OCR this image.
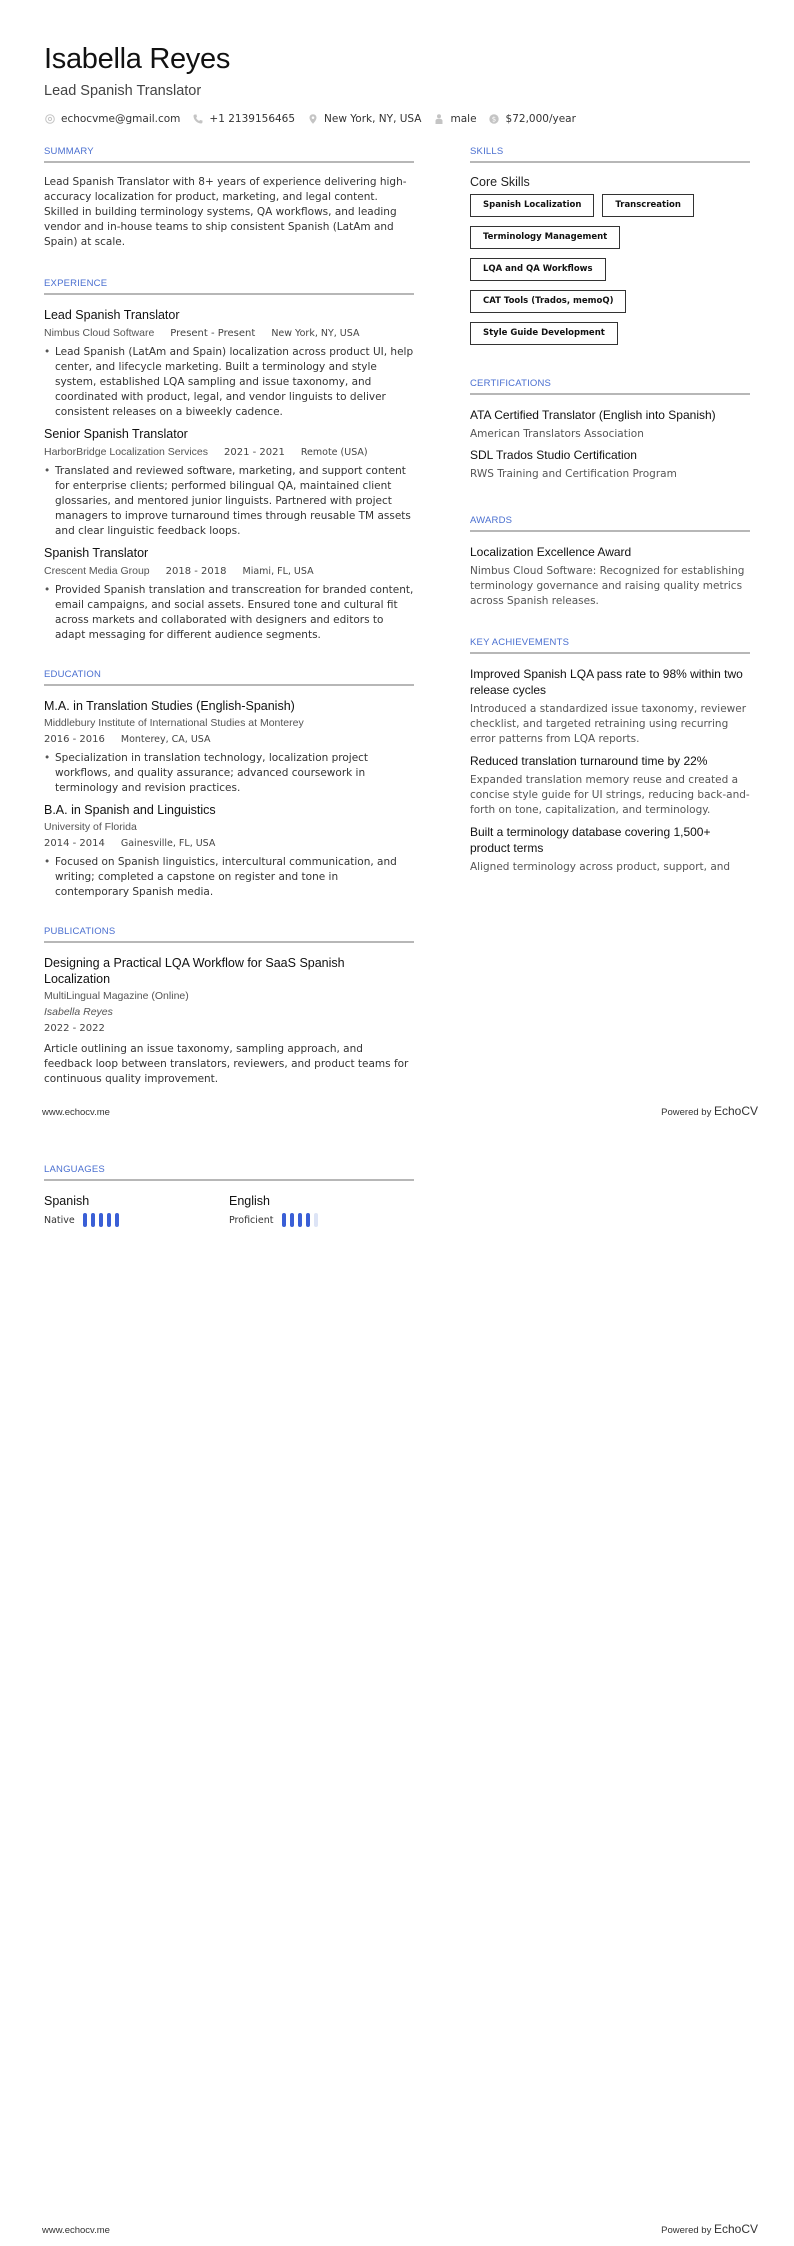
Isabella Reyes
Lead Spanish Translator
echocvme@gmail.com	+1 2139156465	New York, NY, USA	male $ $72,000/year
SUMMARY

Lead Spanish Translator with 8+ years of experience delivering high-accuracy localization for product, marketing, and legal content. Skilled in building terminology systems, QA workflows, and leading vendor and in-house teams to ship consistent Spanish (LatAm and Spain) at scale.

EXPERIENCE
Lead Spanish Translator
Nimbus Cloud Software Present - Present New York, NY, USA
• Lead Spanish (LatAm and Spain) localization across product UI, help center, and lifecycle marketing. Built a terminology and style system, established LQA sampling and issue taxonomy, and coordinated with product, legal, and vendor linguists to deliver consistent releases on a biweekly cadence.
Senior Spanish Translator
HarborBridge Localization Services 2021 - 2021 Remote (USA)
• Translated and reviewed software, marketing, and support content for enterprise clients; performed bilingual QA, maintained client glossaries, and mentored junior linguists. Partnered with project managers to improve turnaround times through reusable TM assets and clear linguistic feedback loops.
Spanish Translator
Crescent Media Group 2018 - 2018 Miami, FL, USA
• Provided Spanish translation and transcreation for branded content, email campaigns, and social assets. Ensured tone and cultural fit across markets and collaborated with designers and editors to adapt messaging for different audience segments.
EDUCATION
M.A. in Translation Studies (English-Spanish)
Middlebury Institute of International Studies at Monterey
2016 - 2016 Monterey, CA, USA
• Specialization in translation technology, localization project workflows, and quality assurance; advanced coursework in terminology and revision practices.
B.A. in Spanish and Linguistics
University of Florida
2014 - 2014 Gainesville, FL, USA
• Focused on Spanish linguistics, intercultural communication, and writing; completed a capstone on register and tone in contemporary Spanish media.
PUBLICATIONS
Designing a Practical LQA Workflow for SaaS Spanish Localization
MultiLingual Magazine (Online)
Isabella Reyes
2022 - 2022

Article outlining an issue taxonomy, sampling approach, and feedback loop between translators, reviewers, and product teams for continuous quality improvement.

SKILLS
Core Skills
Spanish Localization	Transcreation
Terminology Management
LQA and QA Workflows
CAT Tools (Trados, memoQ)
Style Guide Development
CERTIFICATIONS
ATA Certified Translator (English into Spanish)
American Translators Association
SDL Trados Studio Certification
RWS Training and Certification Program
AWARDS
Localization Excellence Award
Nimbus Cloud Software: Recognized for establishing terminology governance and raising quality metrics across Spanish releases.
KEY ACHIEVEMENTS
Improved Spanish LQA pass rate to 98% within two release cycles
Introduced a standardized issue taxonomy, reviewer checklist, and targeted retraining using recurring error patterns from LQA reports.
Reduced translation turnaround time by 22%
Expanded translation memory reuse and created a concise style guide for UI strings, reducing back-and-forth on tone, capitalization, and terminology.
Built a terminology database covering 1,500+ product terms
Aligned terminology across product, support, and
www.echocv.me	Powered by EchoCV
LANGUAGES
Spanish
Native
English
Proficient
www.echocv.me	Powered by EchoCV
